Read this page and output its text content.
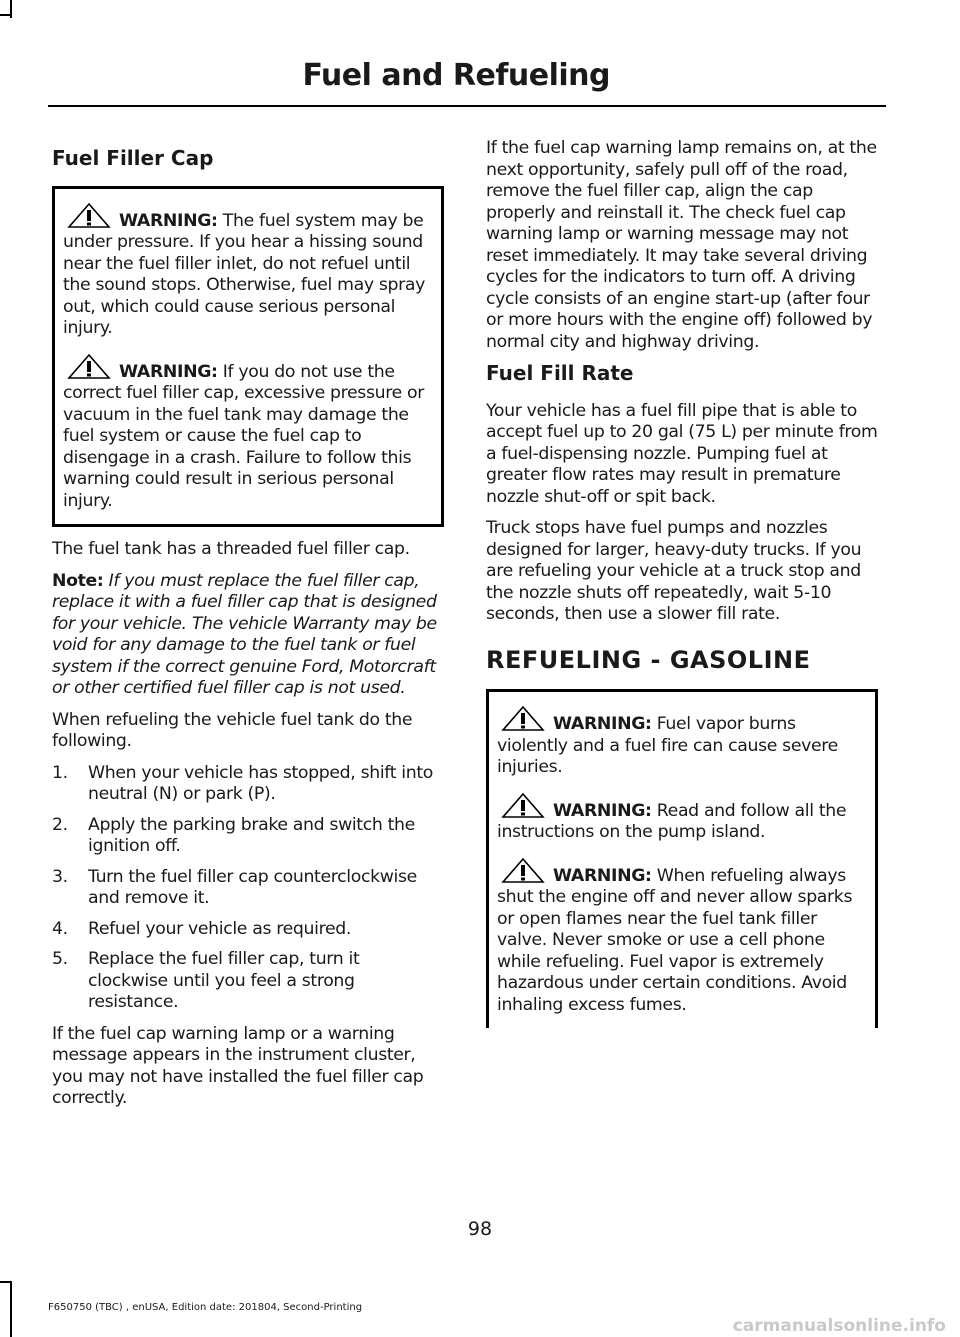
Fuel and Refueling
Fuel Filler Cap
WARNING: The fuel system may be under pressure. If you hear a hissing sound near the fuel filler inlet, do not refuel until the sound stops. Otherwise, fuel may spray out, which could cause serious personal injury.
WARNING: If you do not use the correct fuel filler cap, excessive pressure or vacuum in the fuel tank may damage the fuel system or cause the fuel cap to disengage in a crash. Failure to follow this warning could result in serious personal injury.

The fuel tank has a threaded fuel filler cap.

Note: If you must replace the fuel filler cap, replace it with a fuel filler cap that is designed for your vehicle. The vehicle Warranty may be void for any damage to the fuel tank or fuel system if the correct genuine Ford, Motorcraft or other certified fuel filler cap is not used.

When refueling the vehicle fuel tank do the following.

1. When your vehicle has stopped, shift into neutral (N) or park (P).
2. Apply the parking brake and switch the ignition off.
3. Turn the fuel filler cap counterclockwise and remove it.
4. Refuel your vehicle as required.
5. Replace the fuel filler cap, turn it clockwise until you feel a strong resistance.

If the fuel cap warning lamp or a warning message appears in the instrument cluster, you may not have installed the fuel filler cap correctly.

If the fuel cap warning lamp remains on, at the next opportunity, safely pull off of the road, remove the fuel filler cap, align the cap properly and reinstall it. The check fuel cap warning lamp or warning message may not reset immediately. It may take several driving cycles for the indicators to turn off. A driving cycle consists of an engine start-up (after four or more hours with the engine off) followed by normal city and highway driving.

Fuel Fill Rate

Your vehicle has a fuel fill pipe that is able to accept fuel up to 20 gal (75 L) per minute from a fuel-dispensing nozzle. Pumping fuel at greater flow rates may result in premature nozzle shut-off or spit back.

Truck stops have fuel pumps and nozzles designed for larger, heavy-duty trucks. If you are refueling your vehicle at a truck stop and the nozzle shuts off repeatedly, wait 5-10 seconds, then use a slower fill rate.

REFUELING - GASOLINE
WARNING: Fuel vapor burns violently and a fuel fire can cause severe injuries.
WARNING: Read and follow all the instructions on the pump island.
WARNING: When refueling always shut the engine off and never allow sparks or open flames near the fuel tank filler valve. Never smoke or use a cell phone while refueling. Fuel vapor is extremely hazardous under certain conditions. Avoid inhaling excess fumes.
98
F650750 (TBC) , enUSA, Edition date: 201804, Second-Printing
carmanualsonline.info
